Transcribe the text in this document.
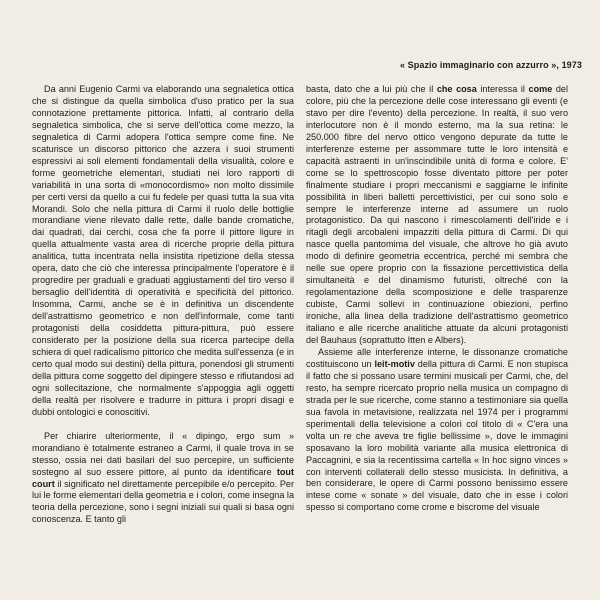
« Spazio immaginario con azzurro », 1973

Da anni Eugenio Carmi va elaborando una segnaletica ottica che si distingue da quella simbolica d'uso pratico per la sua connotazione prettamente pittorica. Infatti, al contrario della segnaletica simbolica, che si serve dell'ottica come mezzo, la segnaletica di Carmi adopera l'ottica sempre come fine. Ne scaturisce un discorso pittorico che azzera i suoi strumenti espressivi ai soli elementi fondamentali della visualità, colore e forme geometriche elementari, studiati nei loro rapporti di variabilità in una sorta di «monocordismo» non molto dissimile per certi versi da quello a cui fu fedele per quasi tutta la sua vita Morandi. Solo che nella pittura di Carmi il ruolo delle bottiglie morandiane viene rilevato dalle rette, dalle bande cromatiche, dai quadrati, dai cerchi, cosa che fa porre il pittore ligure in quella attualmente vasta area di ricerche proprie della pittura analitica, tutta incentrata nella insistita ripetizione della stessa opera, dato che ciò che interessa principalmente l'operatore è il progredire per graduali e graduati aggiustamenti del tiro verso il bersaglio dell'identità di operatività e specificità del pittorico. Insomma, Carmi, anche se è in definitiva un discendente dell'astrattismo geometrico e non dell'informale, come tanti protagonisti della cosiddetta pittura-pittura, può essere considerato per la posizione della sua ricerca partecipe della schiera di quel radicalismo pittorico che medita sull'essenza (e in certo qual modo sui destini) della pittura, ponendosi gli strumenti della pittura come soggetto del dipingere stesso e rifiutandosi ad ogni sollecitazione, che normalmente s'appoggia agli oggetti della realtà per risolvere e tradurre in pittura i propri disagi e dubbi ontologici e conoscitivi.

Per chiarire ulteriormente, il « dipingo, ergo sum » morandiano è totalmente estraneo a Carmi, il quale trova in se stesso, ossia nei dati basilari del suo percepire, un sufficiente sostegno al suo essere pittore, al punto da identificare tout court il significato nel direttamente percepibile e/o percepito. Per lui le forme elementari della geometria e i colori, come insegna la teoria della percezione, sono i segni iniziali sui quali si basa ogni conoscenza. E tanto gli

basta, dato che a lui più che il che cosa interessa il come del colore, più che la percezione delle cose interessano gli eventi (e stavo per dire l'evento) della percezione. In realtà, il suo vero interlocutore non è il mondo esterno, ma la sua retina: le 250.000 fibre del nervo ottico vengono depurate da tutte le interferenze esterne per assommare tutte le loro intensità e capacità astraenti in un'inscindibile unità di forma e colore. E' come se lo spettroscopio fosse diventato pittore per poter finalmente studiare i propri meccanismi e saggiarne le infinite possibilità in liberi balletti percettivistici, per cui sono solo e sempre le interferenze interne ad assumere un ruolo protagonistico. Da qui nascono i rimescolamenti dell'iride e i ritagli degli arcobaleni impazziti della pittura di Carmi. Di qui nasce quella pantomima del visuale, che altrove ho già avuto modo di definire geometria eccentrica, perché mi sembra che nelle sue opere proprio con la fissazione percettivistica della simultaneità e del dinamismo futuristi, oltreché con la regolamentazione della scomposizione e delle trasparenze cubiste, Carmi sollevi in continuazione obiezioni, perfino ironiche, alla linea della tradizione dell'astrattismo geometrico italiano e alle ricerche analitiche attuate da alcuni protagonisti del Bauhaus (soprattutto Itten e Albers).

Assieme alle interferenze interne, le dissonanze cromatiche costituiscono un leit-motiv della pittura di Carmi. E non stupisca il fatto che si possano usare termini musicali per Carmi, che, del resto, ha sempre ricercato proprio nella musica un compagno di strada per le sue ricerche, come stanno a testimoniare sia quella sua favola in metavisione, realizzata nel 1974 per i programmi sperimentali della televisione a colori col titolo di « C'era una volta un re che aveva tre figlie bellissime », dove le immagini sposavano la loro mobilità variante alla musica elettronica di Paccagnini, e sia la recentissima cartella « In hoc signo vinces » con interventi collaterali dello stesso musicista. In definitiva, a ben considerare, le opere di Carmi possono benissimo essere intese come « sonate » del visuale, dato che in esse i colori spesso si comportano come crome e biscrome del visuale
